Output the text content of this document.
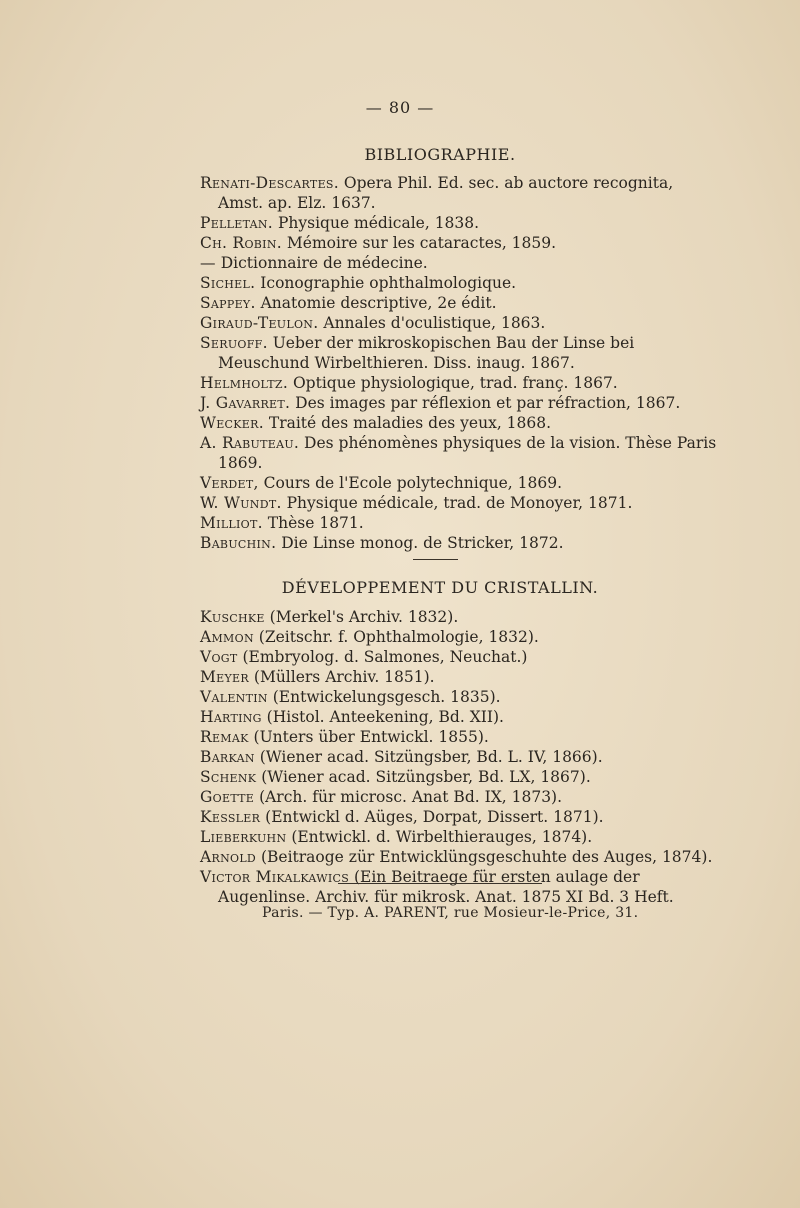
— 80 —
BIBLIOGRAPHIE.
Renati-Descartes. Opera Phil. Ed. sec. ab auctore recognita, Amst. ap. Elz. 1637.
Pelletan. Physique médicale, 1838.
Ch. Robin. Mémoire sur les cataractes, 1859.
— Dictionnaire de médecine.
Sichel. Iconographie ophthalmologique.
Sappey. Anatomie descriptive, 2e édit.
Giraud-Teulon. Annales d'oculistique, 1863.
Seruoff. Ueber der mikroskopischen Bau der Linse bei Meuschund Wirbelthieren. Diss. inaug. 1867.
Helmholtz. Optique physiologique, trad. franç. 1867.
J. Gavarret. Des images par réflexion et par réfraction, 1867.
Wecker. Traité des maladies des yeux, 1868.
A. Rabuteau. Des phénomènes physiques de la vision. Thèse Paris 1869.
Verdet, Cours de l'Ecole polytechnique, 1869.
W. Wundt. Physique médicale, trad. de Monoyer, 1871.
Milliot. Thèse 1871.
Babuchin. Die Linse monog. de Stricker, 1872.
DÉVELOPPEMENT DU CRISTALLIN.
Kuschke (Merkel's Archiv. 1832).
Ammon (Zeitschr. f. Ophthalmologie, 1832).
Vogt (Embryolog. d. Salmones, Neuchat.)
Meyer (Müllers Archiv. 1851).
Valentin (Entwickelungsgesch. 1835).
Harting (Histol. Anteekening, Bd. XII).
Remak (Unters über Entwickl. 1855).
Barkan (Wiener acad. Sitzüngsber, Bd. L. IV, 1866).
Schenk (Wiener acad. Sitzüngsber, Bd. LX, 1867).
Goette (Arch. für microsc. Anat Bd. IX, 1873).
Kessler (Entwickl d. Aüges, Dorpat, Dissert. 1871).
Lieberkuhn (Entwickl. d. Wirbelthierauges, 1874).
Arnold (Beitraoge zür Entwicklüngsgeschuhte des Auges, 1874).
Victor Mikalkawics (Ein Beitraege für ersten aulage der Augenlinse. Archiv. für mikrosk. Anat. 1875 XI Bd. 3 Heft.
Paris. — Typ. A. PARENT, rue Mosieur-le-Price, 31.
